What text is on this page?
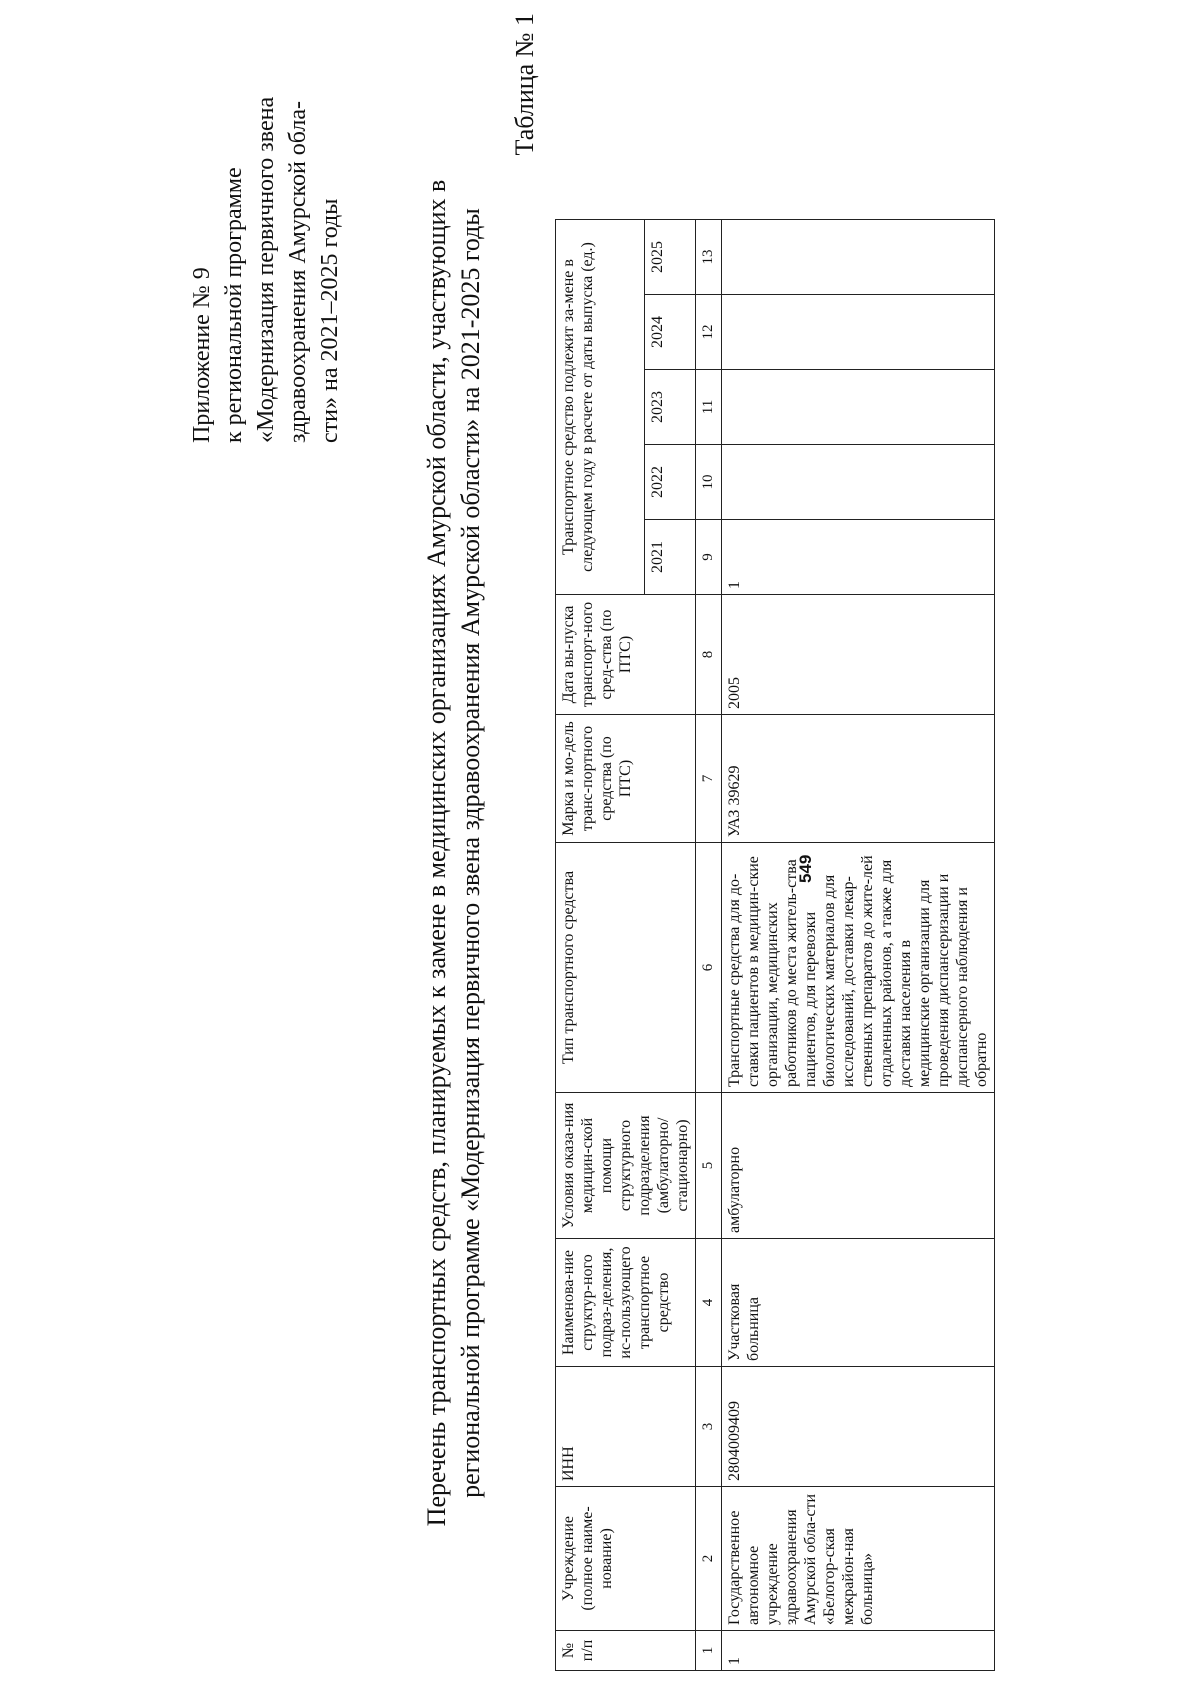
549
Приложение № 9 к региональной программе «Модернизация первичного звена здравоохранения Амурской обла- сти» на 2021–2025 годы	Перечень транспортных средств, планируемых к замене в медицинских организациях Амурской области, участвующих в региональной программе «Модернизация первичного звена здравоохранения Амурской области» на 2021-2025 годы
Таблица № 1
№ п/п	Учреждение (полное наиме-нование)	ИНН	Наименова-ние структур-ного подраз-деления, ис-пользующего транспортное средство	Условия оказа-ния медицин-ской помощи структурного подразделения (амбулаторно/ стационарно)	Тип транспортного средства	Марка и мо-дель транс-портного средства (по ПТС)	Дата вы-пуска транспорт-ного сред-ства (по ПТС)	Транспортное средство подлежит за-мене в следующем году в расчете от даты выпуска (ед.)					
								2021	2022	2023	2024	2025	
1	2	3	4	5	6	7	8	9	10	11	12	13	
1	Государственное автономное учреждение здравоохранения Амурской обла-сти «Белогор-ская межрайон-ная больница»	2804009409	Участковая больница	амбулаторно	Транспортные средства для до-ставки пациентов в медицин-ские организации, медицинских работников до места житель-ства пациентов, для перевозки биологических материалов для исследований, доставки лекар-ственных препаратов до жите-лей отдаленных районов, а также для доставки населения в медицинские организации для проведения диспансеризации и диспансерного наблюдения и обратно	УАЗ 39629	2005	1					
